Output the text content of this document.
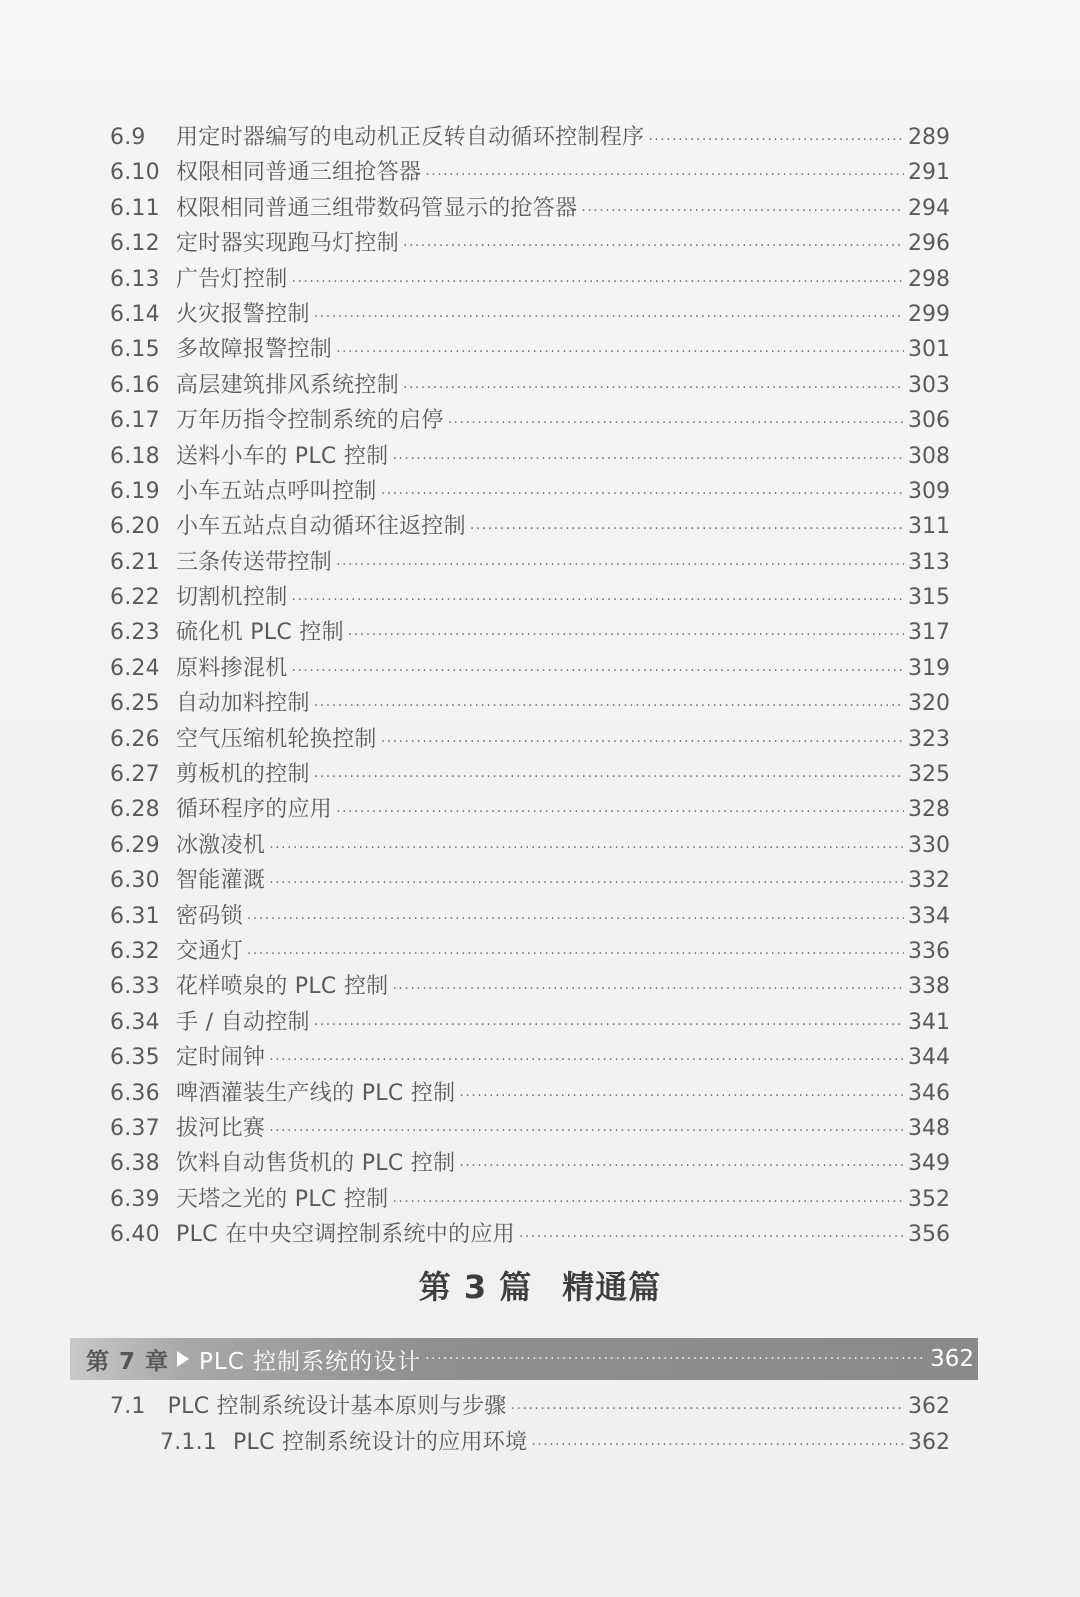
6.9	用定时器编写的电动机正反转自动循环控制程序 ·····	289
6.10 权限相同普通三组抢答器 ·····	291
6.11 权限相同普通三组带数码管显示的抢答器 ·····	294
6.12 定时器实现跑马灯控制 ·····	296
6.13 广告灯控制 ·····	298
6.14 火灾报警控制 ·····	299
6.15 多故障报警控制 ·····	301
6.16 高层建筑排风系统控制 ·····	303
6.17 万年历指令控制系统的启停 ·····	306
6.18 送料小车的 PLC 控制 ·····	308
6.19 小车五站点呼叫控制 ·····	309
6.20 小车五站点自动循环往返控制 ·····	311
6.21 三条传送带控制 ·····	313
6.22 切割机控制 ·····	315
6.23 硫化机 PLC 控制 ·····	317
6.24 原料掺混机 ·····	319
6.25 自动加料控制 ·····	320
6.26 空气压缩机轮换控制 ·····	323
6.27 剪板机的控制 ·····	325
6.28 循环程序的应用 ·····	328
6.29 冰激凌机 ·····	330
6.30 智能灌溉 ·····	332
6.31 密码锁 ·····	334
6.32 交通灯 ·····	336
6.33 花样喷泉的 PLC 控制 ·····	338
6.34 手 / 自动控制 ·····	341
6.35 定时闹钟 ·····	344
6.36 啤酒灌装生产线的 PLC 控制 ·····	346
6.37 拔河比赛 ·····	348
6.38 饮料自动售货机的 PLC 控制 ·····	349
6.39 天塔之光的 PLC 控制 ·····	352
6.40 PLC 在中央空调控制系统中的应用 ·····	356
第 3 篇 精通篇
第 7 章 PLC 控制系统的设计 ·····	362
7.1 PLC 控制系统设计基本原则与步骤 ·····	362
7.1.1 PLC 控制系统设计的应用环境 ·····	362
